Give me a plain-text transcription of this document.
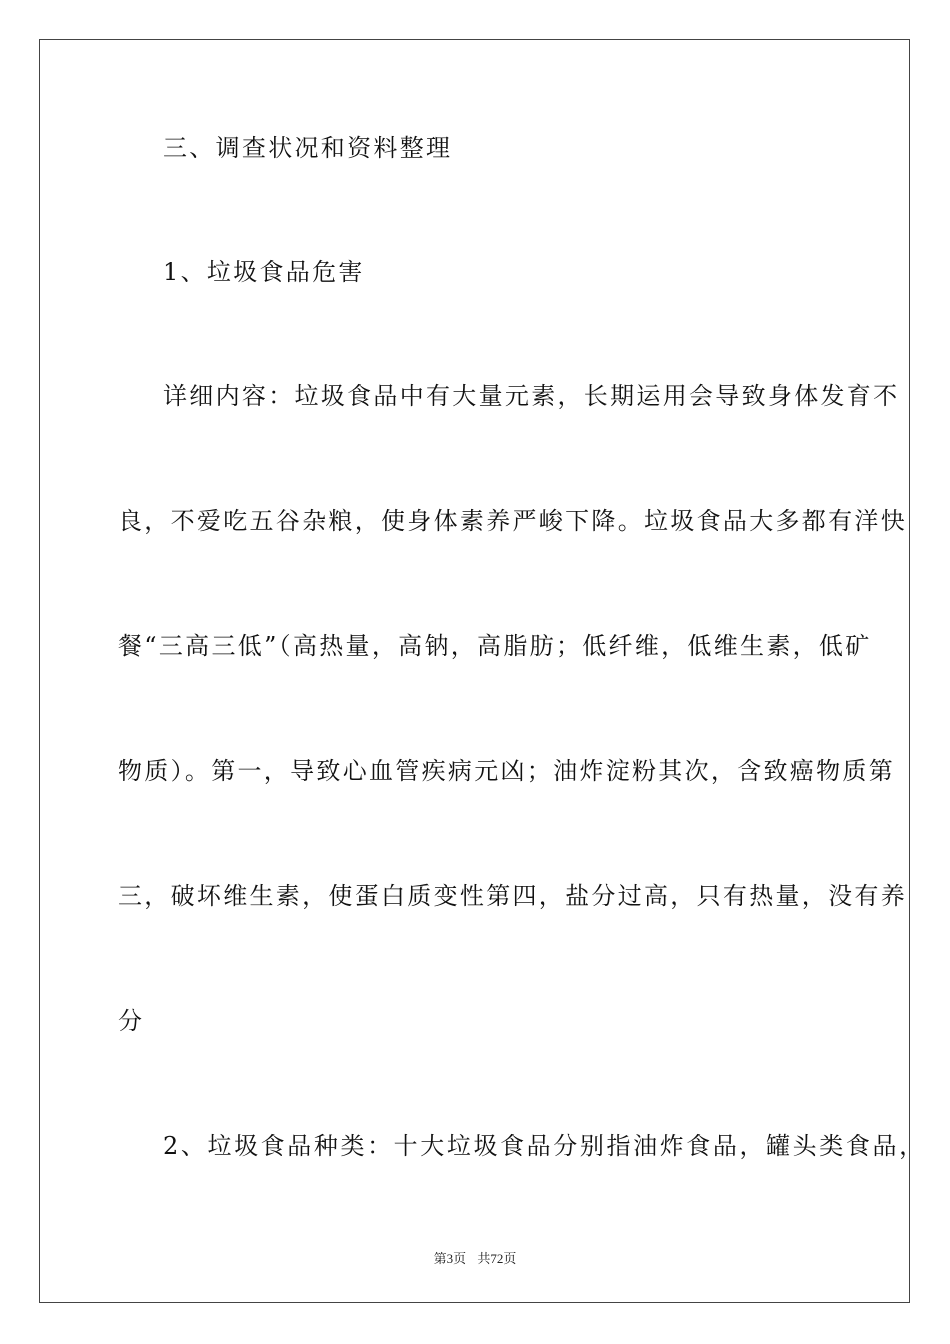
三、调查状况和资料整理
1、垃圾食品危害
详细内容：垃圾食品中有大量元素，长期运用会导致身体发育不
良，不爱吃五谷杂粮，使身体素养严峻下降。垃圾食品大多都有洋快
餐“三高三低”（高热量，高钠，高脂肪；低纤维，低维生素，低矿
物质）。第一，导致心血管疾病元凶；油炸淀粉其次，含致癌物质第
三，破坏维生素，使蛋白质变性第四，盐分过高，只有热量，没有养
分
2、垃圾食品种类：十大垃圾食品分别指油炸食品，罐头类食品，
第3页 共72页
